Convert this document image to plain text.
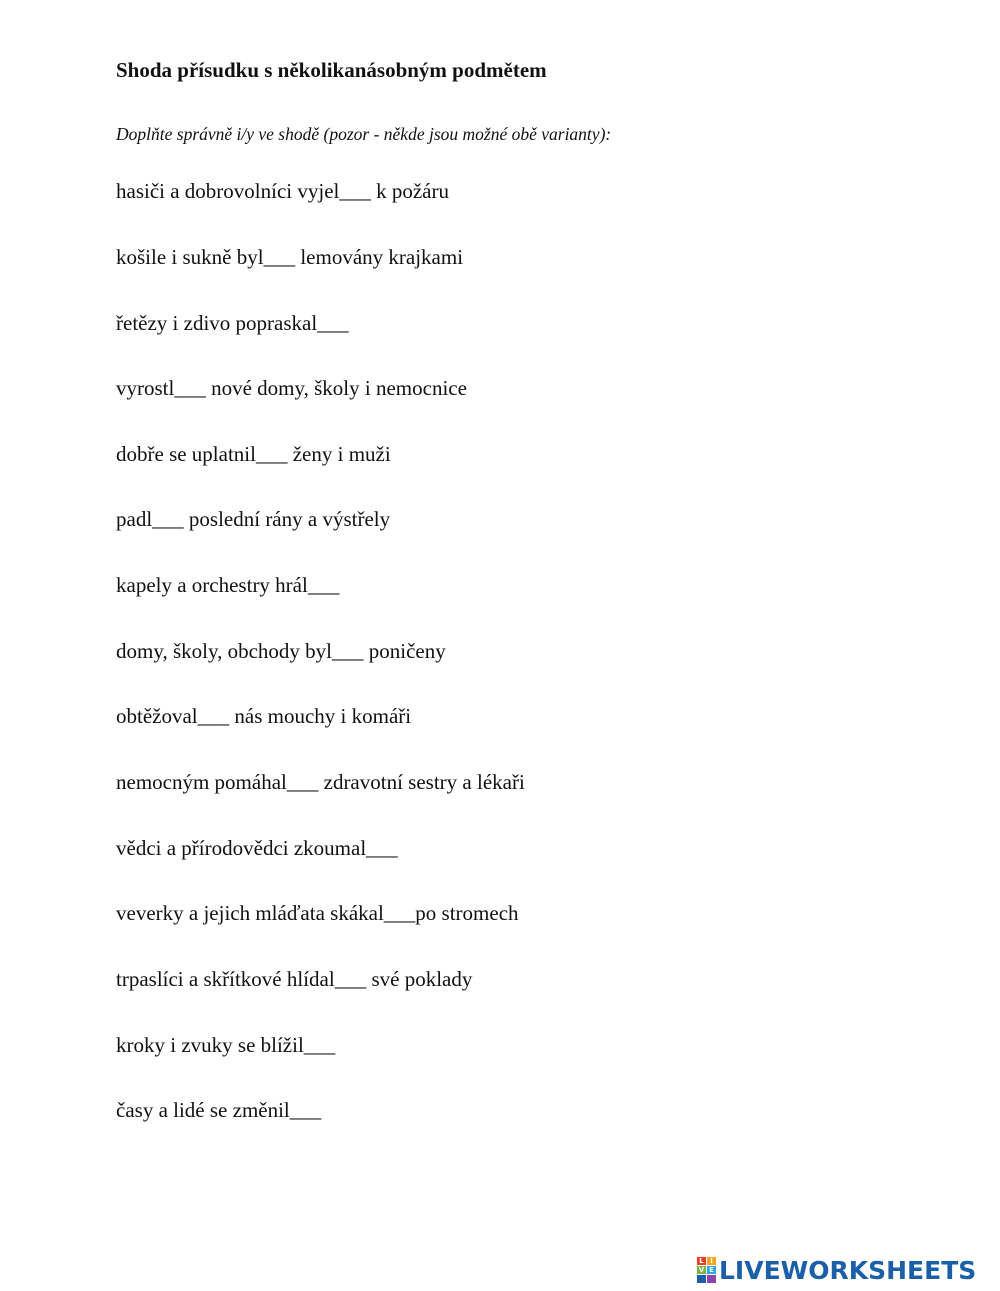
Shoda přísudku s několikanásobným podmětem
Doplňte správně i/y ve shodě (pozor - někde jsou možné obě varianty):
hasiči a dobrovolníci vyjel___ k požáru
košile i sukně byl___ lemovány krajkami
řetězy i zdivo popraskal___
vyrostl___ nové domy, školy i nemocnice
dobře se uplatnil___ ženy i muži
padl___ poslední rány a výstřely
kapely a orchestry hrál___
domy, školy, obchody byl___ poničeny
obtěžoval___ nás mouchy i komáři
nemocným pomáhal___ zdravotní sestry a lékaři
vědci a přírodovědci zkoumal___
veverky a jejich mláďata skákal___po stromech
trpaslíci a skřítkové hlídal___ své poklady
kroky i zvuky se blížil___
časy a lidé se změnil___
L I
V E LIVEWORKSHEETS
